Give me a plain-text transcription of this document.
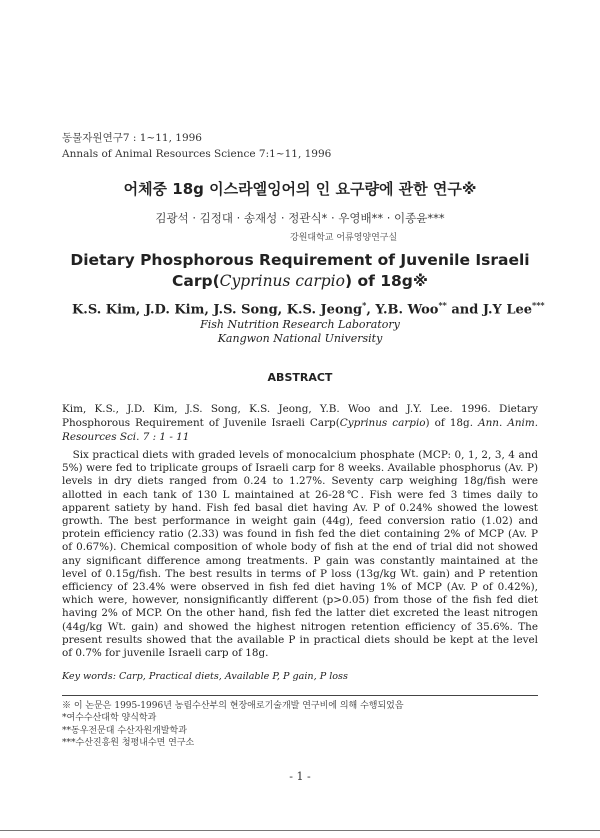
동물자원연구7 : 1~11, 1996
Annals of Animal Resources Science 7:1~11, 1996
어체중 18g 이스라엘잉어의 인 요구량에 관한 연구※
김광석 · 김정대 · 송재성 · 정관식* · 우영배** · 이종윤***
강원대학교 어류영양연구실
Dietary Phosphorous Requirement of Juvenile Israeli
Carp(Cyprinus carpio) of 18g※
K.S. Kim, J.D. Kim, J.S. Song, K.S. Jeong*, Y.B. Woo** and J.Y Lee***
Fish Nutrition Research Laboratory
Kangwon National University
ABSTRACT
Kim, K.S., J.D. Kim, J.S. Song, K.S. Jeong, Y.B. Woo and J.Y. Lee. 1996. Dietary Phosphorous Requirement of Juvenile Israeli Carp(Cyprinus carpio) of 18g. Ann. Anim. Resources Sci. 7 : 1 - 11
Six practical diets with graded levels of monocalcium phosphate (MCP: 0, 1, 2, 3, 4 and 5%) were fed to triplicate groups of Israeli carp for 8 weeks. Available phosphorus (Av. P) levels in dry diets ranged from 0.24 to 1.27%. Seventy carp weighing 18g/fish were allotted in each tank of 130 L maintained at 26-28℃. Fish were fed 3 times daily to apparent satiety by hand. Fish fed basal diet having Av. P of 0.24% showed the lowest growth. The best performance in weight gain (44g), feed conversion ratio (1.02) and protein efficiency ratio (2.33) was found in fish fed the diet containing 2% of MCP (Av. P of 0.67%). Chemical composition of whole body of fish at the end of trial did not showed any significant difference among treatments. P gain was constantly maintained at the level of 0.15g/fish. The best results in terms of P loss (13g/kg Wt. gain) and P retention efficiency of 23.4% were observed in fish fed diet having 1% of MCP (Av. P of 0.42%), which were, however, nonsignificantly different (p>0.05) from those of the fish fed diet having 2% of MCP. On the other hand, fish fed the latter diet excreted the least nitrogen (44g/kg Wt. gain) and showed the highest nitrogen retention efficiency of 35.6%. The present results showed that the available P in practical diets should be kept at the level of 0.7% for juvenile Israeli carp of 18g.
Key words: Carp, Practical diets, Available P, P gain, P loss
※ 이 논문은 1995-1996년 농림수산부의 현장애로기술개발 연구비에 의해 수행되었음
*여수수산대학 양식학과
**동우전문대 수산자원개발학과
***수산진흥원 청평내수면 연구소
- 1 -
